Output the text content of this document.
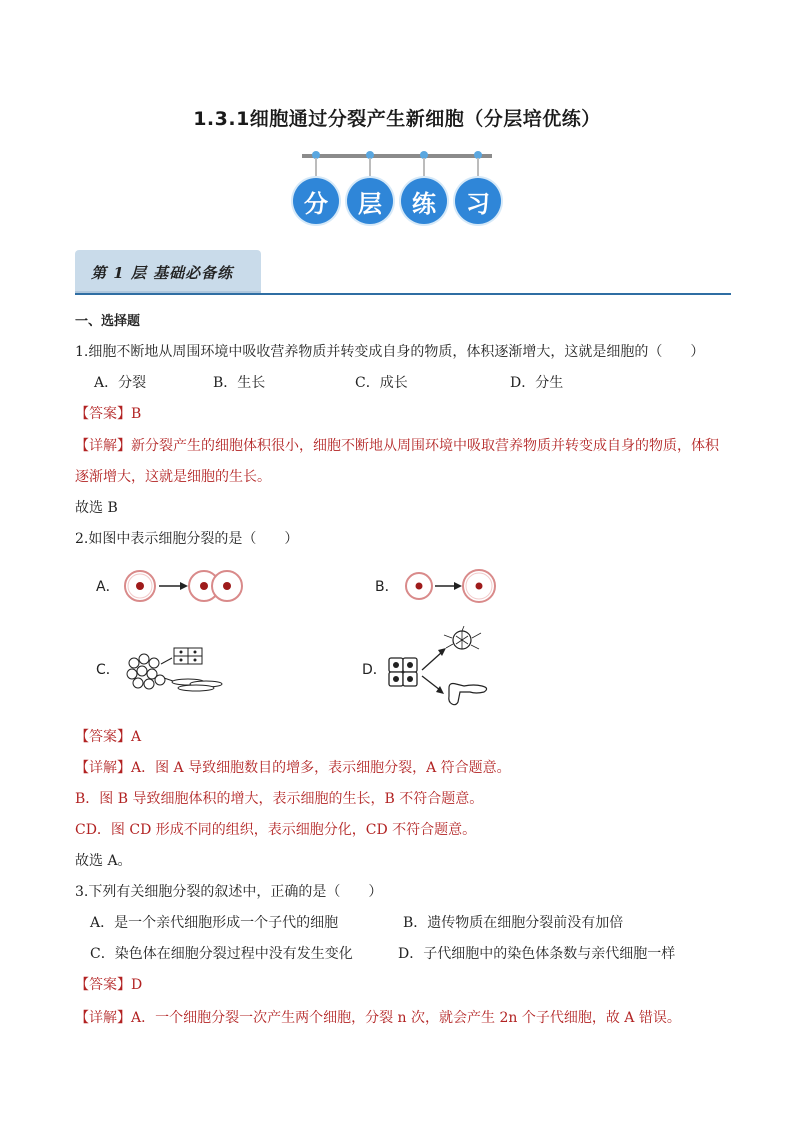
1.3.1细胞通过分裂产生新细胞（分层培优练）
分	层	练	习
第 1 层 基础必备练
一、选择题
1.细胞不断地从周围环境中吸收营养物质并转变成自身的物质，体积逐渐增大，这就是细胞的（　　）
A．分裂	B．生长	C．成长	D．分生
【答案】B
【详解】新分裂产生的细胞体积很小，细胞不断地从周围环境中吸取营养物质并转变成自身的物质，体积
逐渐增大，这就是细胞的生长。
故选 B
2.如图中表示细胞分裂的是（　　）
A．	B．
C．	D．
【答案】A
【详解】A．图 A 导致细胞数目的增多，表示细胞分裂，A 符合题意。
B．图 B 导致细胞体积的增大，表示细胞的生长，B 不符合题意。
CD．图 CD 形成不同的组织，表示细胞分化，CD 不符合题意。
故选 A。
3.下列有关细胞分裂的叙述中，正确的是（　　）
A．是一个亲代细胞形成一个子代的细胞	B．遗传物质在细胞分裂前没有加倍
C．染色体在细胞分裂过程中没有发生变化	D．子代细胞中的染色体条数与亲代细胞一样
【答案】D
【详解】A．一个细胞分裂一次产生两个细胞，分裂 n 次，就会产生 2n 个子代细胞，故 A 错误。
